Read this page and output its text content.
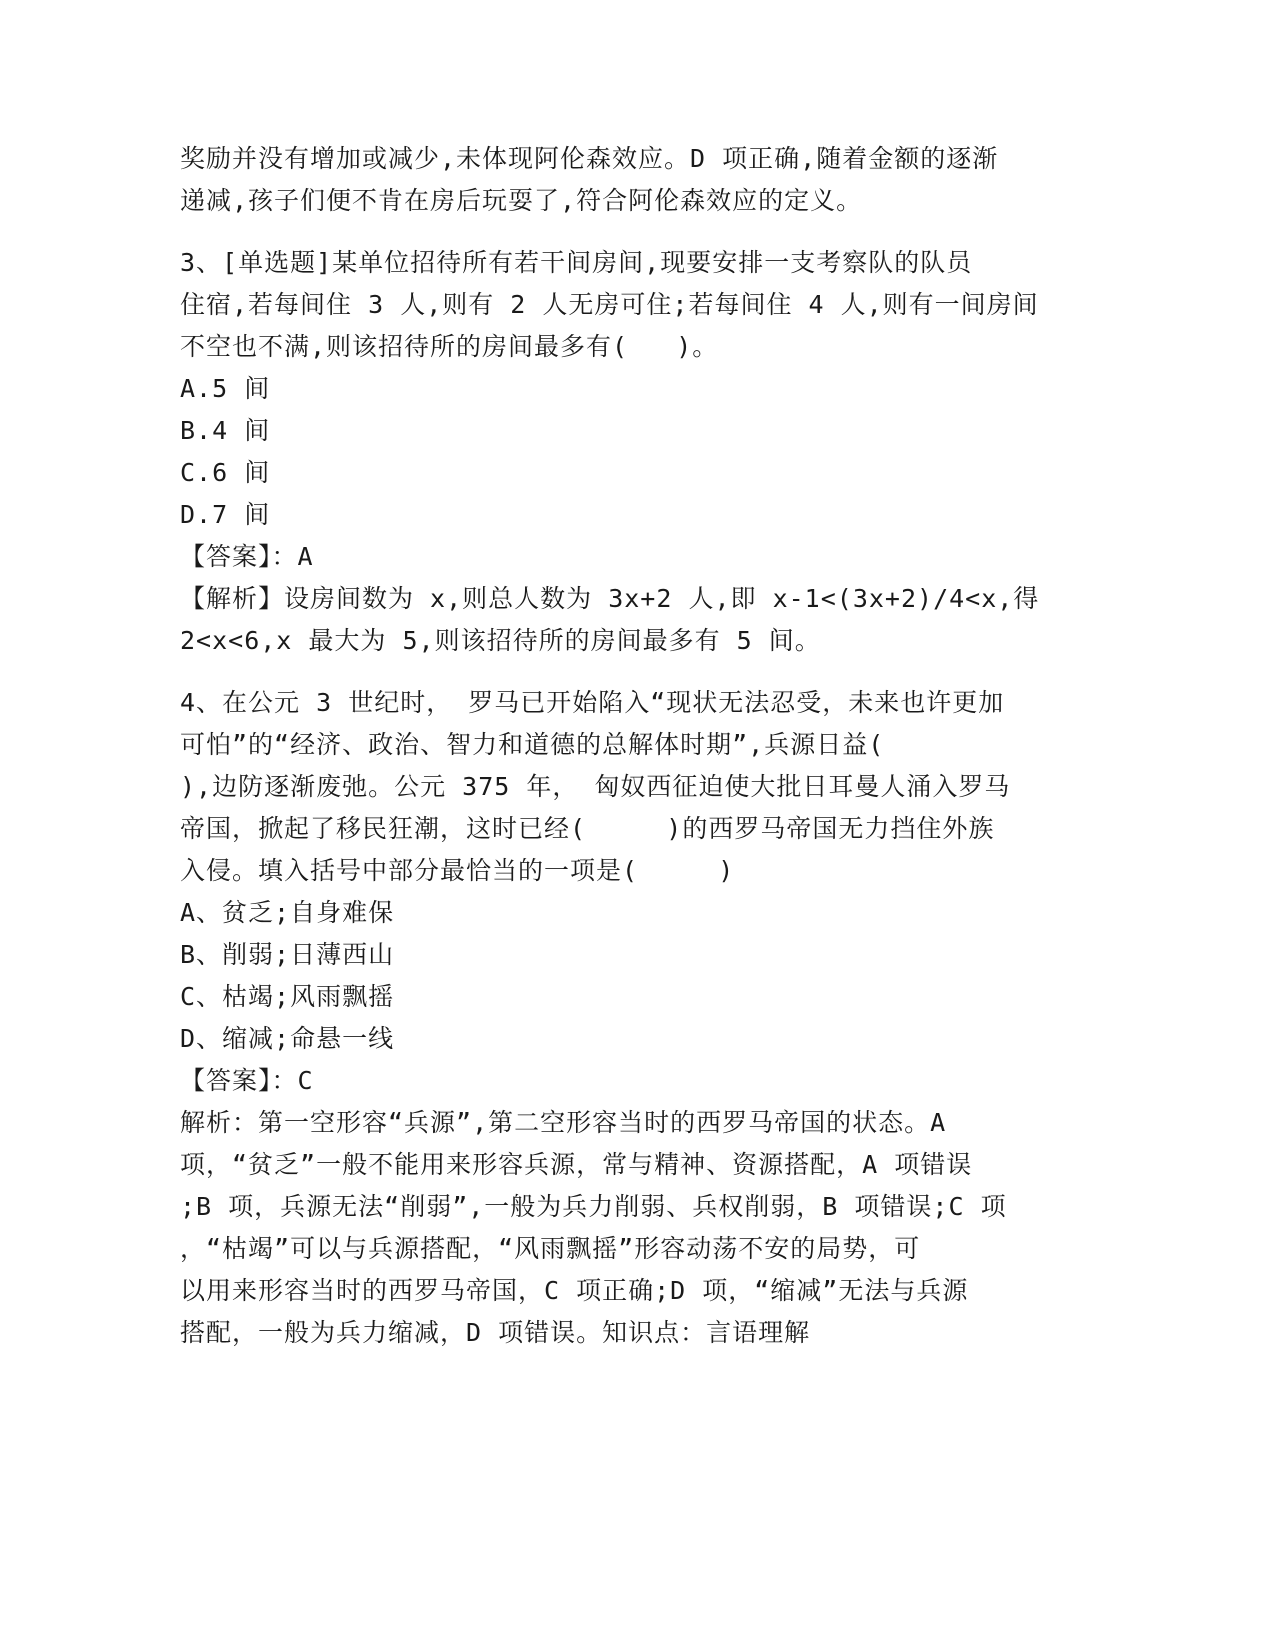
奖励并没有增加或减少,未体现阿伦森效应。D 项正确,随着金额的逐渐
递减,孩子们便不肯在房后玩耍了,符合阿伦森效应的定义。
3、[单选题]某单位招待所有若干间房间,现要安排一支考察队的队员
住宿,若每间住 3 人,则有 2 人无房可住;若每间住 4 人,则有一间房间
不空也不满,则该招待所的房间最多有(   )。
A.5 间
B.4 间
C.6 间
D.7 间
【答案】：A
【解析】设房间数为 x,则总人数为 3x+2 人,即 x-1<(3x+2)/4<x,得
2<x<6,x 最大为 5,则该招待所的房间最多有 5 间。
4、在公元 3 世纪时， 罗马已开始陷入“现状无法忍受，未来也许更加
可怕”的“经济、政治、智力和道德的总解体时期”,兵源日益(
),边防逐渐废弛。公元 375 年， 匈奴西征迫使大批日耳曼人涌入罗马
帝国，掀起了移民狂潮，这时已经(     )的西罗马帝国无力挡住外族
入侵。填入括号中部分最恰当的一项是(     )
A、贫乏;自身难保
B、削弱;日薄西山
C、枯竭;风雨飘摇
D、缩减;命悬一线
【答案】：C
解析：第一空形容“兵源”,第二空形容当时的西罗马帝国的状态。A
项，“贫乏”一般不能用来形容兵源，常与精神、资源搭配，A 项错误
;B 项，兵源无法“削弱”,一般为兵力削弱、兵权削弱，B 项错误;C 项
，“枯竭”可以与兵源搭配，“风雨飘摇”形容动荡不安的局势，可
以用来形容当时的西罗马帝国，C 项正确;D 项，“缩减”无法与兵源
搭配，一般为兵力缩减，D 项错误。知识点：言语理解
